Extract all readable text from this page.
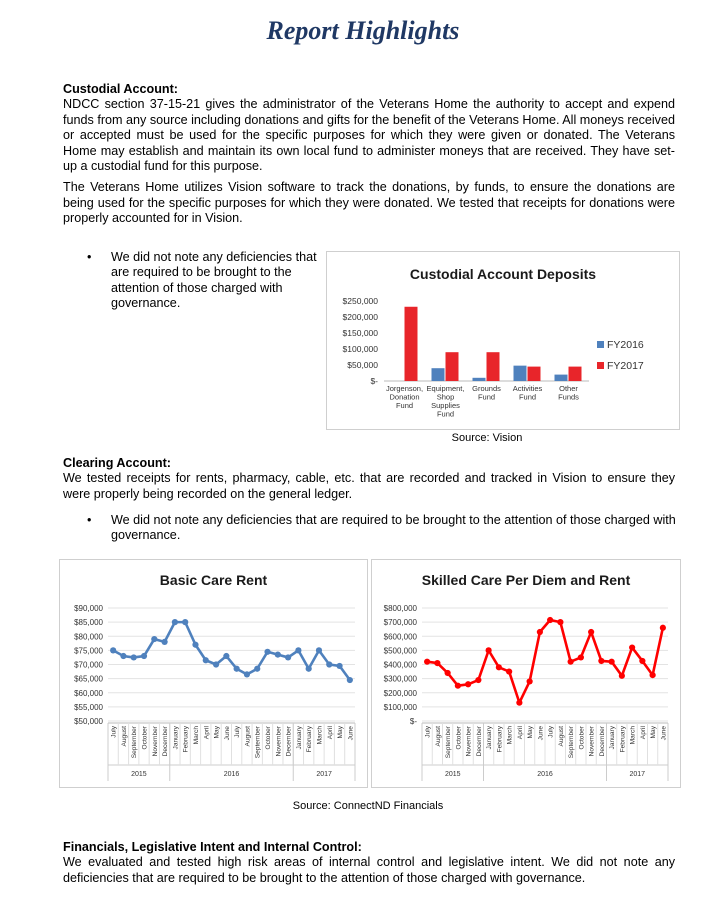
Report Highlights
Custodial Account:
NDCC section 37-15-21 gives the administrator of the Veterans Home the authority to accept and expend funds from any source including donations and gifts for the benefit of the Veterans Home. All moneys received or accepted must be used for the specific purposes for which they were given or donated. The Veterans Home may establish and maintain its own local fund to administer moneys that are received. They have set-up a custodial fund for this purpose.
The Veterans Home utilizes Vision software to track the donations, by funds, to ensure the donations are being used for the specific purposes for which they were donated. We tested that receipts for donations were properly accounted for in Vision.
• We did not note any deficiencies that are required to be brought to the attention of those charged with governance.
Custodial Account Deposits
$-
$50,000
$100,000
$150,000
$200,000
$250,000
Jorgenson, Donation Fund
Equipment, Shop Supplies Fund
Grounds Fund
Activities Fund
Other Funds
FY2016
FY2017
Source: Vision
Clearing Account:
We tested receipts for rents, pharmacy, cable, etc. that are recorded and tracked in Vision to ensure they were properly being recorded on the general ledger.
• We did not note any deficiencies that are required to be brought to the attention of those charged with governance.
Basic Care Rent
$50,000
$55,000
$60,000
$65,000
$70,000
$75,000
$80,000
$85,000
$90,000
July August September October November December January February March April May June July August September October November December January February March April May June
2015	2016	2017
Skilled Care Per Diem and Rent
$-
$100,000
$200,000
$300,000
$400,000
$500,000
$600,000
$700,000
$800,000
July August September October November December January February March April May June July August September October November December January February March April May June
2015	2016	2017
Source: ConnectND Financials
Financials, Legislative Intent and Internal Control:
We evaluated and tested high risk areas of internal control and legislative intent. We did not note any deficiencies that are required to be brought to the attention of those charged with governance.
